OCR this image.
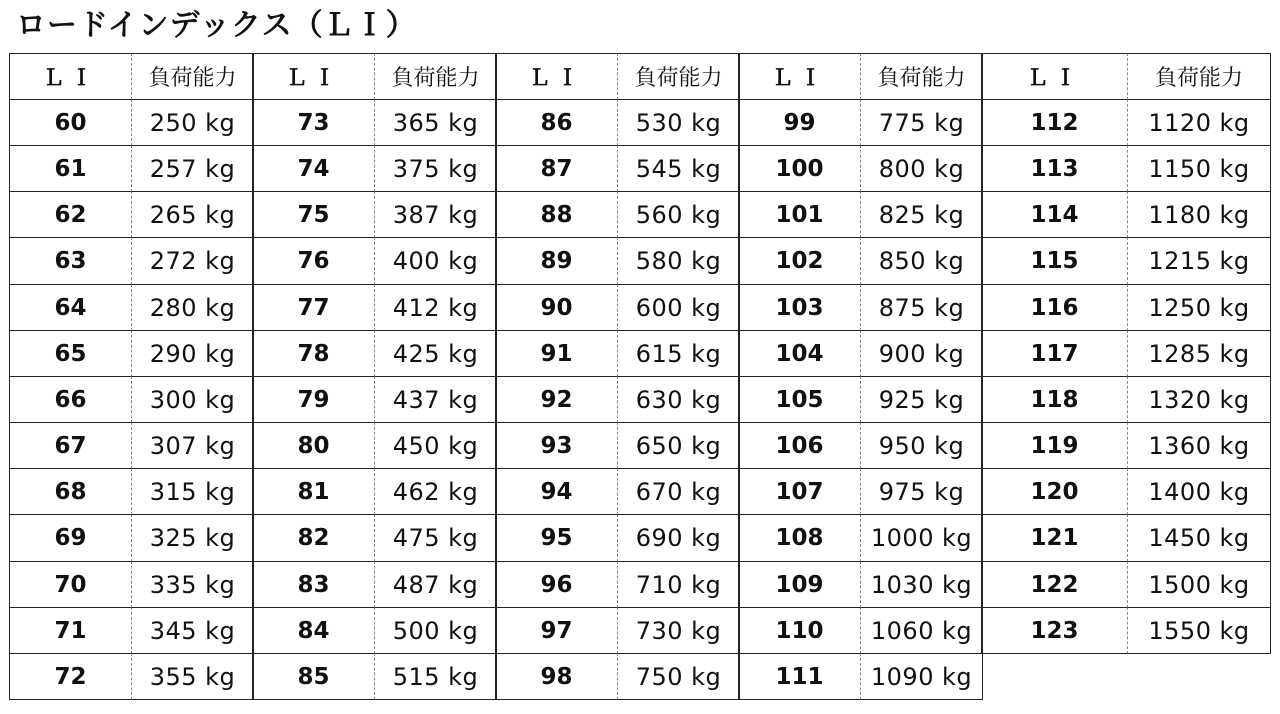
ロードインデックス（ＬＩ）
ＬＩ	負荷能力
60	250 kg
61	257 kg
62	265 kg
63	272 kg
64	280 kg
65	290 kg
66	300 kg
67	307 kg
68	315 kg
69	325 kg
70	335 kg
71	345 kg
72	355 kg
ＬＩ	負荷能力
73	365 kg
74	375 kg
75	387 kg
76	400 kg
77	412 kg
78	425 kg
79	437 kg
80	450 kg
81	462 kg
82	475 kg
83	487 kg
84	500 kg
85	515 kg
ＬＩ	負荷能力
86	530 kg
87	545 kg
88	560 kg
89	580 kg
90	600 kg
91	615 kg
92	630 kg
93	650 kg
94	670 kg
95	690 kg
96	710 kg
97	730 kg
98	750 kg
ＬＩ	負荷能力
99	775 kg
100	800 kg
101	825 kg
102	850 kg
103	875 kg
104	900 kg
105	925 kg
106	950 kg
107	975 kg
108	1000 kg
109	1030 kg
110	1060 kg
111	1090 kg
ＬＩ	負荷能力
112	1120 kg
113	1150 kg
114	1180 kg
115	1215 kg
116	1250 kg
117	1285 kg
118	1320 kg
119	1360 kg
120	1400 kg
121	1450 kg
122	1500 kg
123	1550 kg
